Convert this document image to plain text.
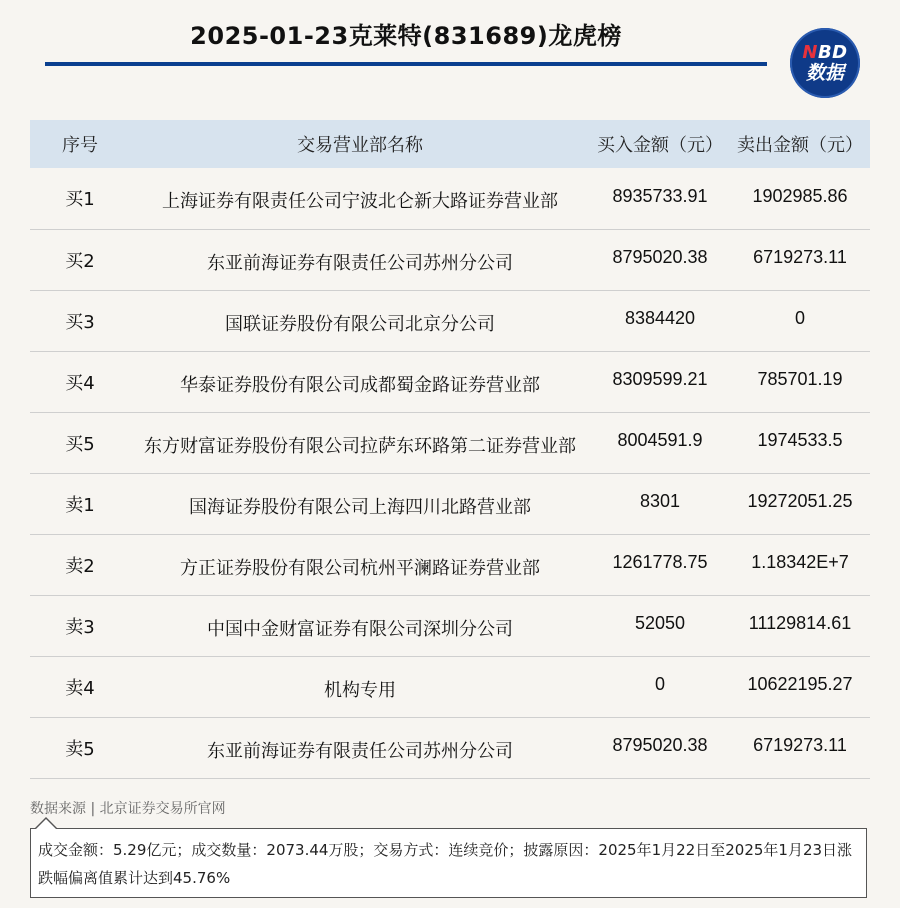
2025-01-23克莱特(831689)龙虎榜
NBD
数据
序号	交易营业部名称	买入金额（元）	卖出金额（元）
买1	上海证券有限责任公司宁波北仑新大路证券营业部	8935733.91	1902985.86
买2	东亚前海证券有限责任公司苏州分公司	8795020.38	6719273.11
买3	国联证券股份有限公司北京分公司	8384420	0
买4	华泰证券股份有限公司成都蜀金路证券营业部	8309599.21	785701.19
买5	东方财富证券股份有限公司拉萨东环路第二证券营业部	8004591.9	1974533.5
卖1	国海证券股份有限公司上海四川北路营业部	8301	19272051.25
卖2	方正证券股份有限公司杭州平澜路证券营业部	1261778.75	1.18342E+7
卖3	中国中金财富证券有限公司深圳分公司	52050	11129814.61
卖4	机构专用	0	10622195.27
卖5	东亚前海证券有限责任公司苏州分公司	8795020.38	6719273.11
数据来源 | 北京证券交易所官网
成交金额：5.29亿元；成交数量：2073.44万股；交易方式：连续竞价；披露原因：2025年1月22日至2025年1月23日涨跌幅偏离值累计达到45.76%
